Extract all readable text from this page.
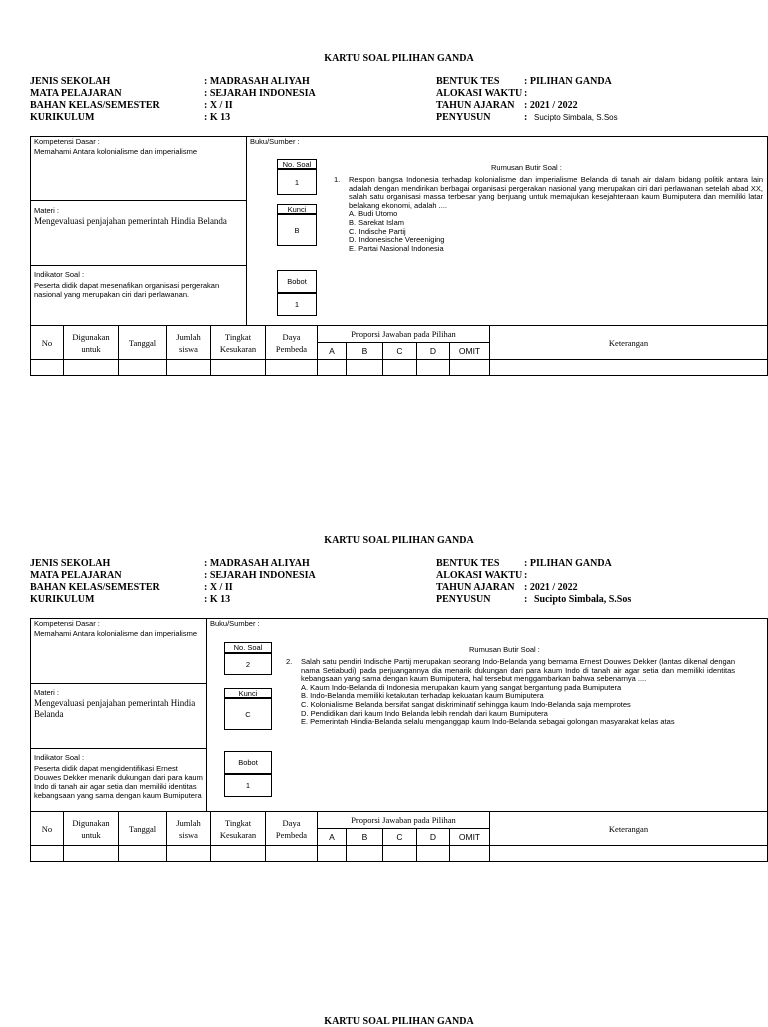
KARTU SOAL PILIHAN GANDA
JENIS SEKOLAH	: MADRASAH ALIYAH	BENTUK TES : PILIHAN GANDA
MATA PELAJARAN	: SEJARAH INDONESIA	ALOKASI WAKTU :
BAHAN KELAS/SEMESTER	: X / II	TAHUN AJARAN : 2021 / 2022
KURIKULUM	: K 13	PENYUSUN	: Sucipto Simbala, S.Sos
Kompetensi Dasar :
Memahami Antara kolonialisme dan imperialisme
Materi :
Mengevaluasi penjajahan pemerintah Hindia Belanda
Indikator Soal :
Peserta didik dapat mesenafikan organisasi pergerakan nasional yang merupakan ciri dari perlawanan.
Buku/Sumber :
No. Soal
1
Kunci
B
Bobot
1
Rumusan Butir Soal :
1. Respon bangsa Indonesia terhadap kolonialisme dan imperialisme Belanda di tanah air dalam bidang politik antara lain adalah dengan mendirikan berbagai organisasi pergerakan nasional yang merupakan ciri dari perlawanan setelah abad XX, salah satu organisasi massa terbesar yang berjuang untuk memajukan kesejahteraan kaum Bumiputera dan memiliki latar belakang ekonomi, adalah ....
A. Budi Utomo
B. Sarekat Islam
C. Indische Partij
D. Indonesische Vereeniging
E. Partai Nasional Indonesia
No	Digunakan untuk	Tanggal	Jumlah siswa	Tingkat Kesukaran	Daya Pembeda	Proporsi Jawaban pada Pilihan					Keterangan
						A	B	C	D	OMIT	

KARTU SOAL PILIHAN GANDA
JENIS SEKOLAH	: MADRASAH ALIYAH	BENTUK TES : PILIHAN GANDA
MATA PELAJARAN	: SEJARAH INDONESIA	ALOKASI WAKTU :
BAHAN KELAS/SEMESTER	: X / II	TAHUN AJARAN : 2021 / 2022
KURIKULUM	: K 13	PENYUSUN	: Sucipto Simbala, S.Sos
Kompetensi Dasar :
Memahami Antara kolonialisme dan imperialisme
Materi :
Mengevaluasi penjajahan pemerintah Hindia Belanda
Indikator Soal :
Peserta didik dapat mengidentifikasi Ernest Douwes Dekker menarik dukungan dari para kaum Indo di tanah air agar setia dan memiliki identitas kebangsaan yang sama dengan kaum Bumiputera
Buku/Sumber :
No. Soal
2
Kunci
C
Bobot
1
Rumusan Butir Soal :
2. Salah satu pendiri Indische Partij merupakan seorang Indo-Belanda yang bernama Ernest Douwes Dekker (lantas dikenal dengan nama Setiabudi) pada perjuangannya dia menarik dukungan dari para kaum Indo di tanah air agar setia dan memiliki identitas kebangsaan yang sama dengan kaum Bumiputera, hal tersebut menggambarkan bahwa sebenarnya ....
A. Kaum Indo-Belanda di Indonesia merupakan kaum yang sangat bergantung pada Bumiputera
B. Indo-Belanda memiliki ketakutan terhadap kekuatan kaum Bumiputera
C. Kolonialisme Belanda bersifat sangat diskriminatif sehingga kaum Indo-Belanda saja memprotes
D. Pendidikan dari kaum Indo Belanda lebih rendah dari kaum Bumiputera
E. Pemerintah Hindia-Belanda selalu menganggap kaum Indo-Belanda sebagai golongan masyarakat kelas atas
No	Digunakan untuk	Tanggal	Jumlah siswa	Tingkat Kesukaran	Daya Pembeda	Proporsi Jawaban pada Pilihan					Keterangan
						A	B	C	D	OMIT	

KARTU SOAL PILIHAN GANDA
